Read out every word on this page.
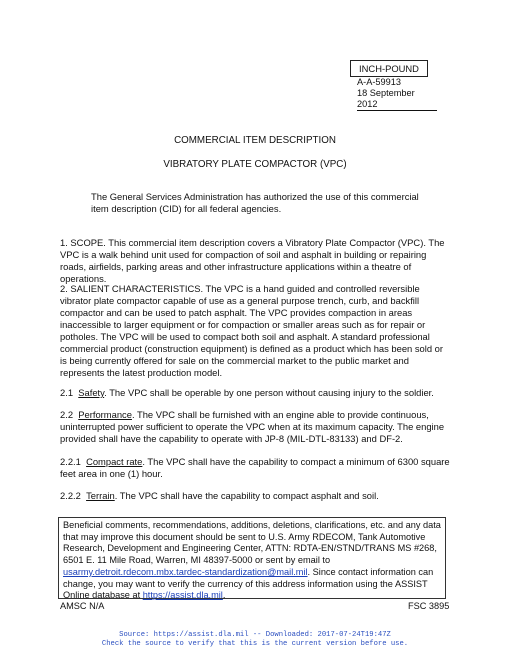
INCH-POUND
A-A-59913
18 September 2012
COMMERCIAL ITEM DESCRIPTION
VIBRATORY PLATE COMPACTOR (VPC)
The General Services Administration has authorized the use of this commercial item description (CID) for all federal agencies.
1. SCOPE. This commercial item description covers a Vibratory Plate Compactor (VPC). The VPC is a walk behind unit used for compaction of soil and asphalt in building or repairing roads, airfields, parking areas and other infrastructure applications within a theatre of operations.
2. SALIENT CHARACTERISTICS. The VPC is a hand guided and controlled reversible vibrator plate compactor capable of use as a general purpose trench, curb, and backfill compactor and can be used to patch asphalt. The VPC provides compaction in areas inaccessible to larger equipment or for compaction or smaller areas such as for repair or potholes. The VPC will be used to compact both soil and asphalt. A standard professional commercial product (construction equipment) is defined as a product which has been sold or is being currently offered for sale on the commercial market to the public market and represents the latest production model.
2.1 Safety. The VPC shall be operable by one person without causing injury to the soldier.
2.2 Performance. The VPC shall be furnished with an engine able to provide continuous, uninterrupted power sufficient to operate the VPC when at its maximum capacity. The engine provided shall have the capability to operate with JP-8 (MIL-DTL-83133) and DF-2.
2.2.1 Compact rate. The VPC shall have the capability to compact a minimum of 6300 square feet area in one (1) hour.
2.2.2 Terrain. The VPC shall have the capability to compact asphalt and soil.
Beneficial comments, recommendations, additions, deletions, clarifications, etc. and any data that may improve this document should be sent to U.S. Army RDECOM, Tank Automotive Research, Development and Engineering Center, ATTN: RDTA-EN/STND/TRANS MS #268, 6501 E. 11 Mile Road, Warren, MI 48397-5000 or sent by email to usarmy.detroit.rdecom.mbx.tardec-standardization@mail.mil. Since contact information can change, you may want to verify the currency of this address information using the ASSIST Online database at https://assist.dla.mil.
AMSC N/A	FSC 3895
Source: https://assist.dla.mil -- Downloaded: 2017-07-24T19:47Z
Check the source to verify that this is the current version before use.
